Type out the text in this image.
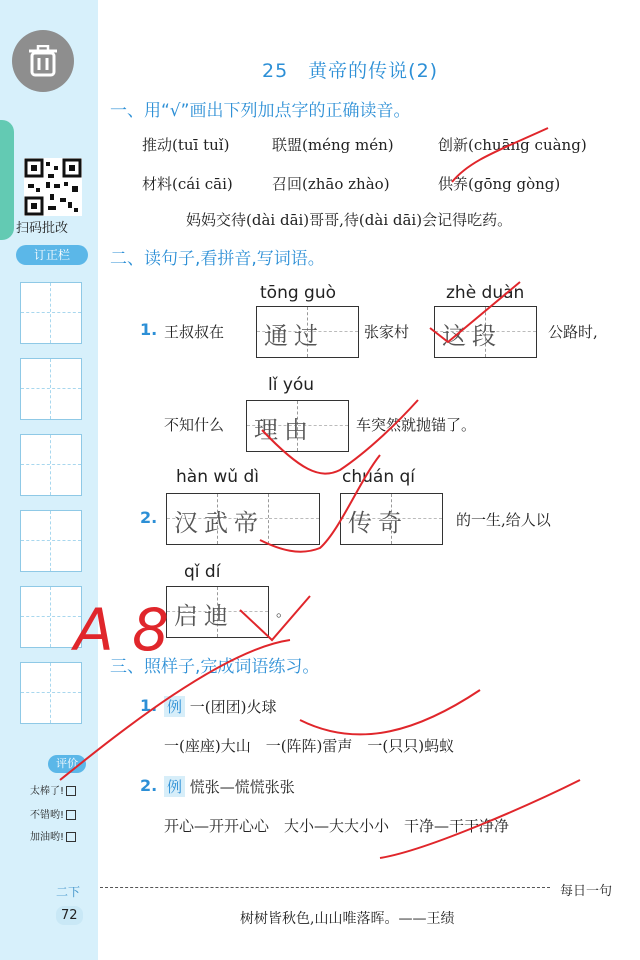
扫码批改
订正栏
评价
太棒了!
不错哟!
加油哟!
二下
72
25　黄帝的传说(2)
一、用“√”画出下列加点字的正确读音。
推动(tuī tuǐ)	联盟(méng mén)	创新(chuāng cuàng)
材料(cái cāi)	召回(zhāo zhào)	供养(gōng gòng)
妈妈交待(dài dāi)哥哥,待(dài dāi)会记得吃药。
二、读句子,看拼音,写词语。
tōng guò	zhè duàn
1. 王叔叔在 通过	张家村 这段	公路时,
lǐ yóu
不知什么 理由	车突然就抛锚了。
hàn wǔ dì	chuán qí
2. 汉武帝	传奇	的一生,给人以
qǐ dí
启迪	。
三、照样子,完成词语练习。
1. 例 一(团团)火球
一(座座)大山　一(阵阵)雷声　一(只只)蚂蚁
2. 例 慌张—慌慌张张
开心—开开心心　大小—大大小小　干净—干干净净
每日一句
树树皆秋色,山山唯落晖。——王绩
A 8
